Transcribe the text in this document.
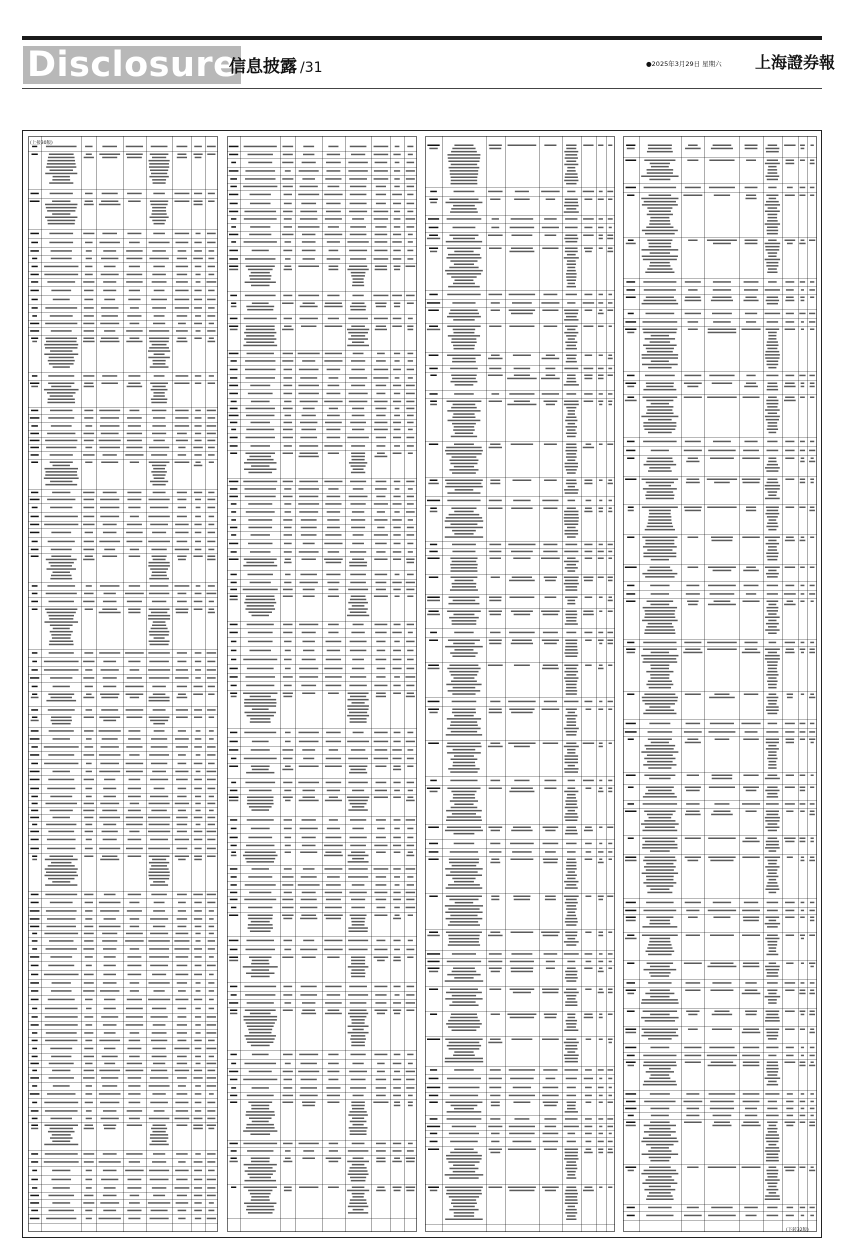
Disclosure
信息披露 /31	●2025年3月29日 星期六 上海證券報
(上接30版)
(下转32版)
